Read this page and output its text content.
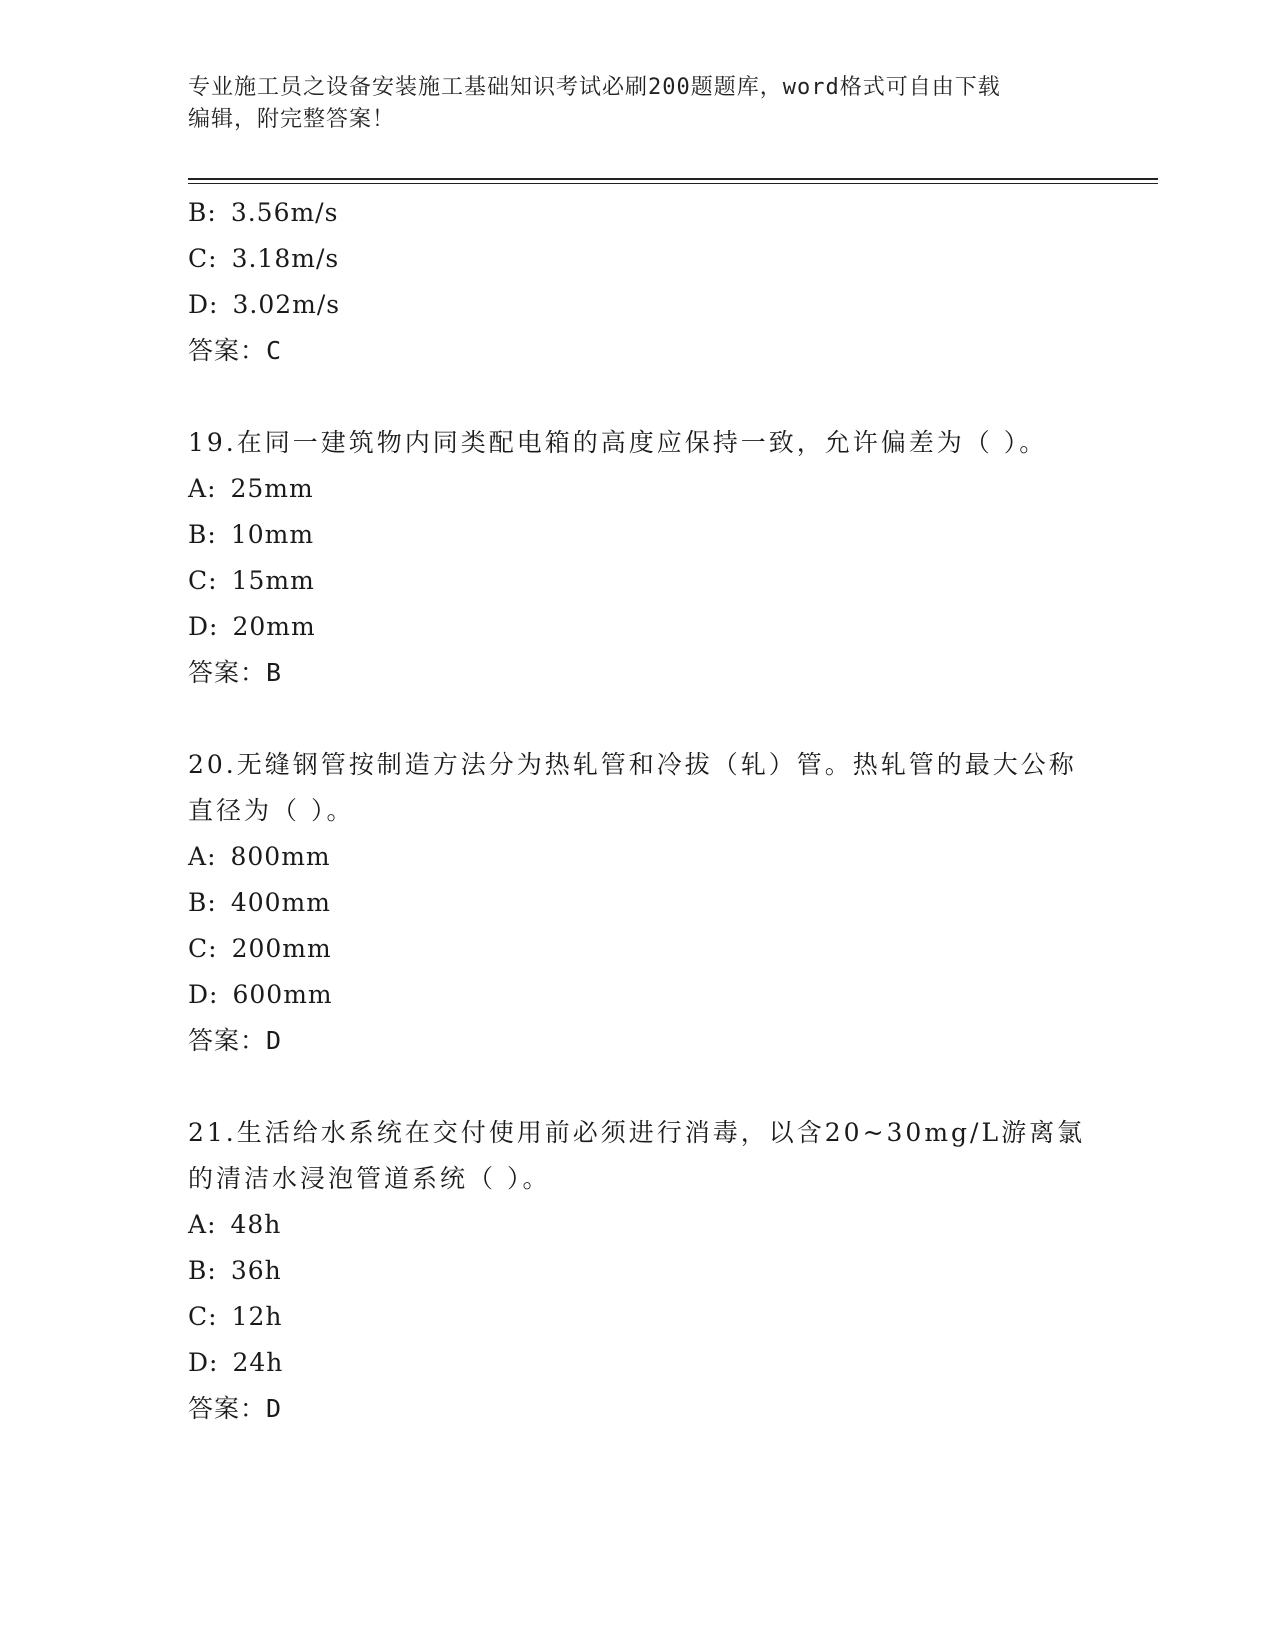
专业施工员之设备安装施工基础知识考试必刷200题题库，word格式可自由下载
编辑，附完整答案！
B : 3.56m/s
C : 3.18m/s
D : 3.02m/s
答案：C
19.在同一建筑物内同类配电箱的高度应保持一致，允许偏差为（ ）。
A : 25mm
B : 10mm
C : 15mm
D : 20mm
答案：B
20.无缝钢管按制造方法分为热轧管和冷拔（轧）管。热轧管的最大公称直径为（ ）。
A : 800mm
B : 400mm
C : 200mm
D : 600mm
答案：D
21.生活给水系统在交付使用前必须进行消毒，以含20~30mg/L游离氯的清洁水浸泡管道系统（ ）。
A : 48h
B : 36h
C : 12h
D : 24h
答案：D
